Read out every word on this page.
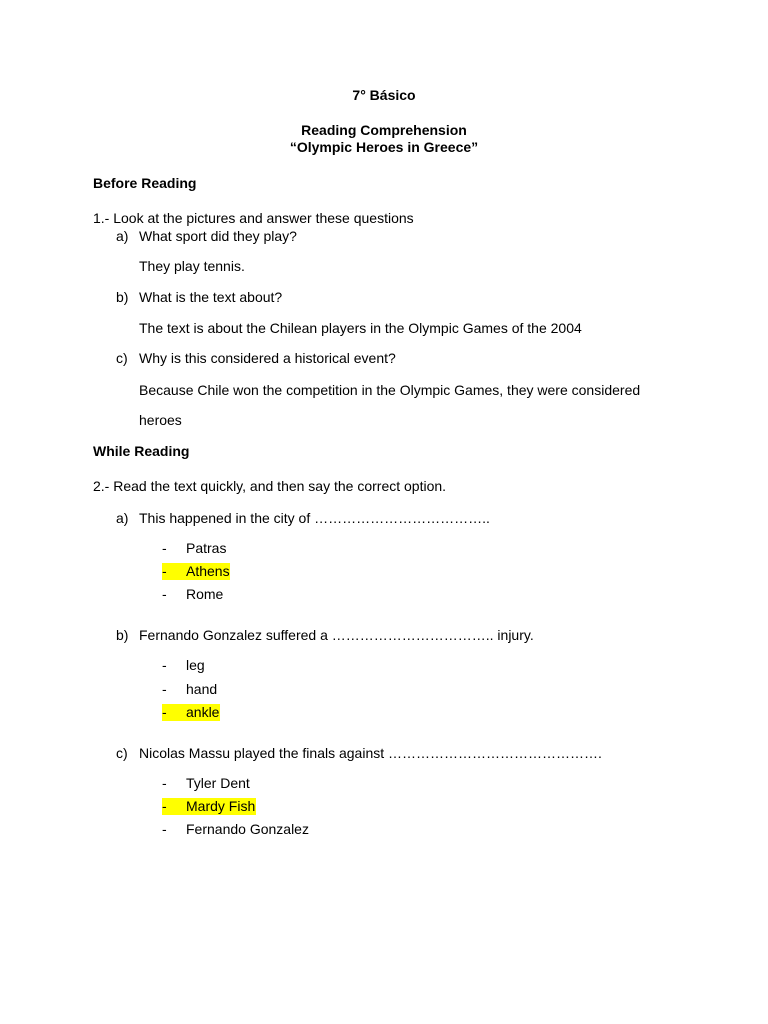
7° Básico
Reading Comprehension
“Olympic Heroes in Greece”
Before Reading
1.- Look at the pictures and answer these questions
a) What sport did they play?
They play tennis.
b) What is the text about?
The text is about the Chilean players in the Olympic Games of the 2004
c) Why is this considered a historical event?
Because Chile won the competition in the Olympic Games, they were considered
heroes
While Reading
2.- Read the text quickly, and then say the correct option.
a) This happened in the city of ………………………………..
-	Patras
- Athens
-	Rome
b) Fernando Gonzalez suffered a …………………………….. injury.
-	leg
-	hand
- ankle
c) Nicolas Massu played the finals against ……………………………………….
-	Tyler Dent
- Mardy Fish
-	Fernando Gonzalez
